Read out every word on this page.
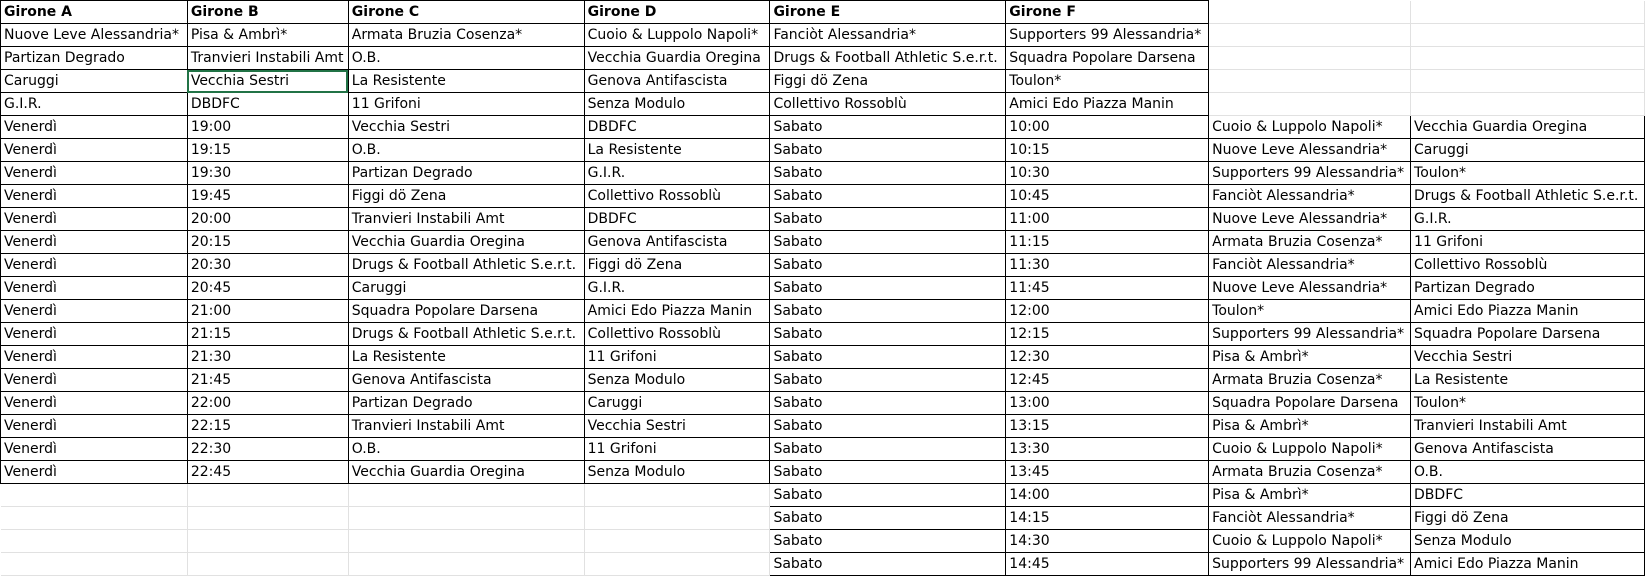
Girone A	Girone B	Girone C	Girone D	Girone E	Girone F		
Nuove Leve Alessandria*	Pisa & Ambrì*	Armata Bruzia Cosenza*	Cuoio & Luppolo Napoli*	Fanciòt Alessandria*	Supporters 99 Alessandria*		
Partizan Degrado	Tranvieri Instabili Amt	O.B.	Vecchia Guardia Oregina	Drugs & Football Athletic S.e.r.t.	Squadra Popolare Darsena		
Caruggi	Vecchia Sestri	La Resistente	Genova Antifascista	Figgi dö Zena	Toulon*		
G.I.R.	DBDFC	11 Grifoni	Senza Modulo	Collettivo Rossoblù	Amici Edo Piazza Manin		
Venerdì	19:00	Vecchia Sestri	DBDFC	Sabato	10:00	Cuoio & Luppolo Napoli*	Vecchia Guardia Oregina
Venerdì	19:15	O.B.	La Resistente	Sabato	10:15	Nuove Leve Alessandria*	Caruggi
Venerdì	19:30	Partizan Degrado	G.I.R.	Sabato	10:30	Supporters 99 Alessandria*	Toulon*
Venerdì	19:45	Figgi dö Zena	Collettivo Rossoblù	Sabato	10:45	Fanciòt Alessandria*	Drugs & Football Athletic S.e.r.t.
Venerdì	20:00	Tranvieri Instabili Amt	DBDFC	Sabato	11:00	Nuove Leve Alessandria*	G.I.R.
Venerdì	20:15	Vecchia Guardia Oregina	Genova Antifascista	Sabato	11:15	Armata Bruzia Cosenza*	11 Grifoni
Venerdì	20:30	Drugs & Football Athletic S.e.r.t.	Figgi dö Zena	Sabato	11:30	Fanciòt Alessandria*	Collettivo Rossoblù
Venerdì	20:45	Caruggi	G.I.R.	Sabato	11:45	Nuove Leve Alessandria*	Partizan Degrado
Venerdì	21:00	Squadra Popolare Darsena	Amici Edo Piazza Manin	Sabato	12:00	Toulon*	Amici Edo Piazza Manin
Venerdì	21:15	Drugs & Football Athletic S.e.r.t.	Collettivo Rossoblù	Sabato	12:15	Supporters 99 Alessandria*	Squadra Popolare Darsena
Venerdì	21:30	La Resistente	11 Grifoni	Sabato	12:30	Pisa & Ambrì*	Vecchia Sestri
Venerdì	21:45	Genova Antifascista	Senza Modulo	Sabato	12:45	Armata Bruzia Cosenza*	La Resistente
Venerdì	22:00	Partizan Degrado	Caruggi	Sabato	13:00	Squadra Popolare Darsena	Toulon*
Venerdì	22:15	Tranvieri Instabili Amt	Vecchia Sestri	Sabato	13:15	Pisa & Ambrì*	Tranvieri Instabili Amt
Venerdì	22:30	O.B.	11 Grifoni	Sabato	13:30	Cuoio & Luppolo Napoli*	Genova Antifascista
Venerdì	22:45	Vecchia Guardia Oregina	Senza Modulo	Sabato	13:45	Armata Bruzia Cosenza*	O.B.
				Sabato	14:00	Pisa & Ambrì*	DBDFC
				Sabato	14:15	Fanciòt Alessandria*	Figgi dö Zena
				Sabato	14:30	Cuoio & Luppolo Napoli*	Senza Modulo
				Sabato	14:45	Supporters 99 Alessandria*	Amici Edo Piazza Manin
